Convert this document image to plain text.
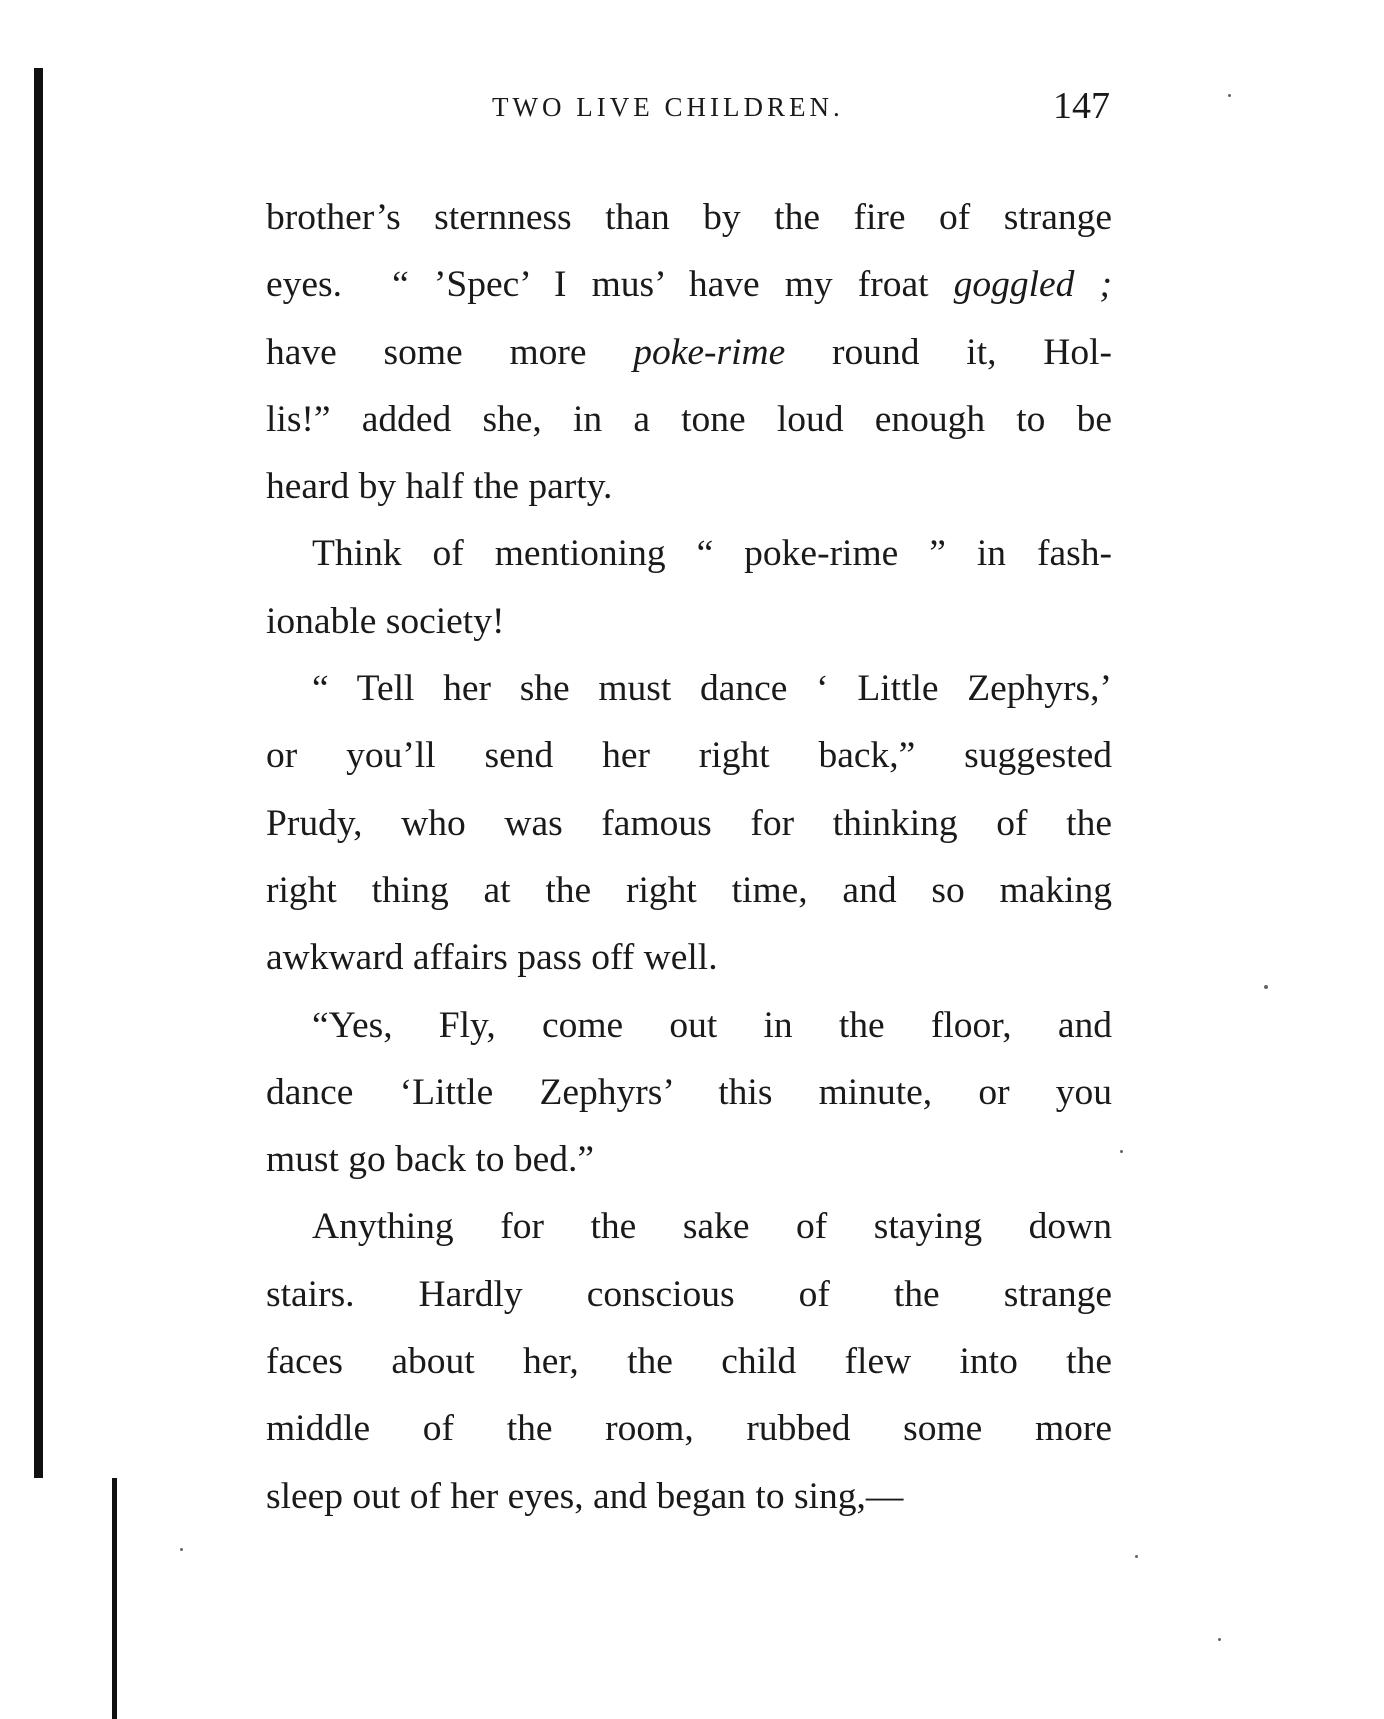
TWO LIVE CHILDREN.	147
brother’s sternness than by the fire of strange
eyes.  “ ’Spec’ I mus’ have my froat goggled ;
have some more poke-rime round it, Hol-
lis!” added she, in a tone loud enough to be
heard by half the party.
Think of mentioning “ poke-rime ” in fash-
ionable society!
“ Tell her she must dance ‘ Little Zephyrs,’
or you’ll send her right back,” suggested
Prudy, who was famous for thinking of the
right thing at the right time, and so making
awkward affairs pass off well.
“Yes, Fly, come out in the floor, and
dance ‘Little Zephyrs’ this minute, or you
must go back to bed.”
Anything for the sake of staying down
stairs. Hardly conscious of the strange
faces about her, the child flew into the
middle of the room, rubbed some more
sleep out of her eyes, and began to sing,—
